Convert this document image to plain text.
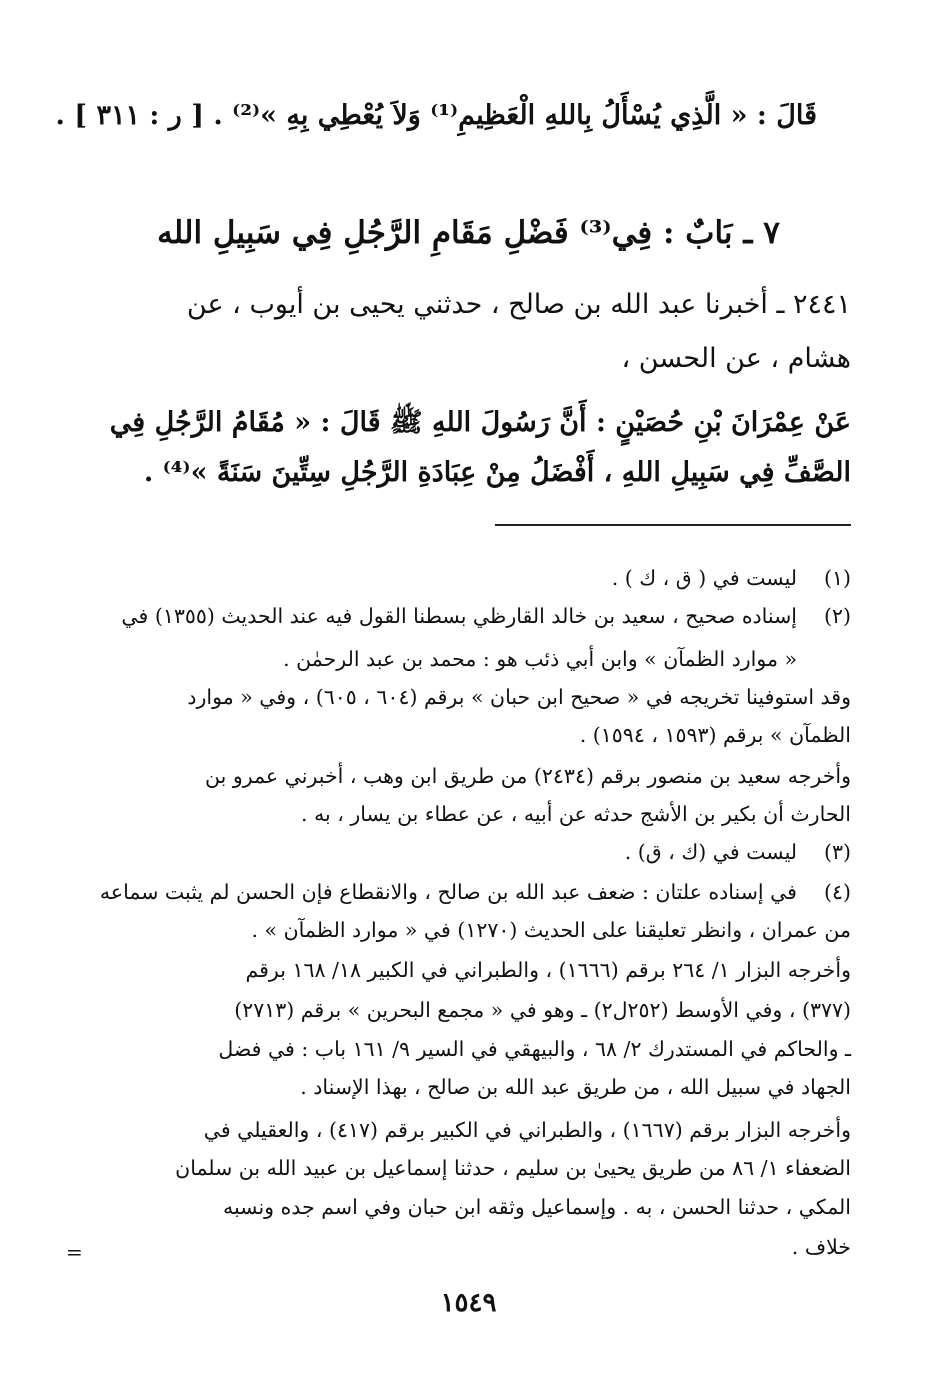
قَالَ : « الَّذِي يُسْأَلُ بِاللهِ الْعَظِيمِ⁽¹⁾ وَلاَ يُعْطِي بِهِ »⁽²⁾ . [ ر : ٣١١ ] .
٧ ـ بَابٌ : فِي⁽³⁾ فَضْلِ مَقَامِ الرَّجُلِ فِي سَبِيلِ الله
٢٤٤١ ـ أخبرنا عبد الله بن صالح ، حدثني يحيى بن أيوب ، عن
هشام ، عن الحسن ،
عَنْ عِمْرَانَ بْنِ حُصَيْنٍ : أَنَّ رَسُولَ اللهِ ﷺ قَالَ : « مُقَامُ الرَّجُلِ فِي
الصَّفِّ فِي سَبِيلِ اللهِ ، أَفْضَلُ مِنْ عِبَادَةِ الرَّجُلِ سِتِّينَ سَنَةً »⁽⁴⁾ .
(١)
ليست في ( ق ، ك ) .
(٢)
إسناده صحيح ، سعيد بن خالد القارظي بسطنا القول فيه عند الحديث (١٣٥٥) في
« موارد الظمآن » وابن أبي ذئب هو : محمد بن عبد الرحمٰن .
وقد استوفينا تخريجه في « صحيح ابن حبان » برقم (٦٠٤ ، ٦٠٥) ، وفي « موارد
الظمآن » برقم (١٥٩٣ ، ١٥٩٤) .
وأخرجه سعيد بن منصور برقم (٢٤٣٤) من طريق ابن وهب ، أخبرني عمرو بن
الحارث أن بكير بن الأشج حدثه عن أبيه ، عن عطاء بن يسار ، به .
(٣)
ليست في (ك ، ق) .
(٤)
في إسناده علتان : ضعف عبد الله بن صالح ، والانقطاع فإن الحسن لم يثبت سماعه
من عمران ، وانظر تعليقنا على الحديث (١٢٧٠) في « موارد الظمآن » .
وأخرجه البزار ١/ ٢٦٤ برقم (١٦٦٦) ، والطبراني في الكبير ١٨/ ١٦٨ برقم
(٣٧٧) ، وفي الأوسط (٢٥٢ل٢) ـ وهو في « مجمع البحرين » برقم (٢٧١٣)
ـ والحاكم في المستدرك ٢/ ٦٨ ، والبيهقي في السير ٩/ ١٦١ باب : في فضل
الجهاد في سبيل الله ، من طريق عبد الله بن صالح ، بهذا الإسناد .
وأخرجه البزار برقم (١٦٦٧) ، والطبراني في الكبير برقم (٤١٧) ، والعقيلي في
الضعفاء ١/ ٨٦ من طريق يحيىٰ بن سليم ، حدثنا إسماعيل بن عبيد الله بن سلمان
المكي ، حدثنا الحسن ، به . وإسماعيل وثقه ابن حبان وفي اسم جده ونسبه
خلاف .
=
١٥٤٩
